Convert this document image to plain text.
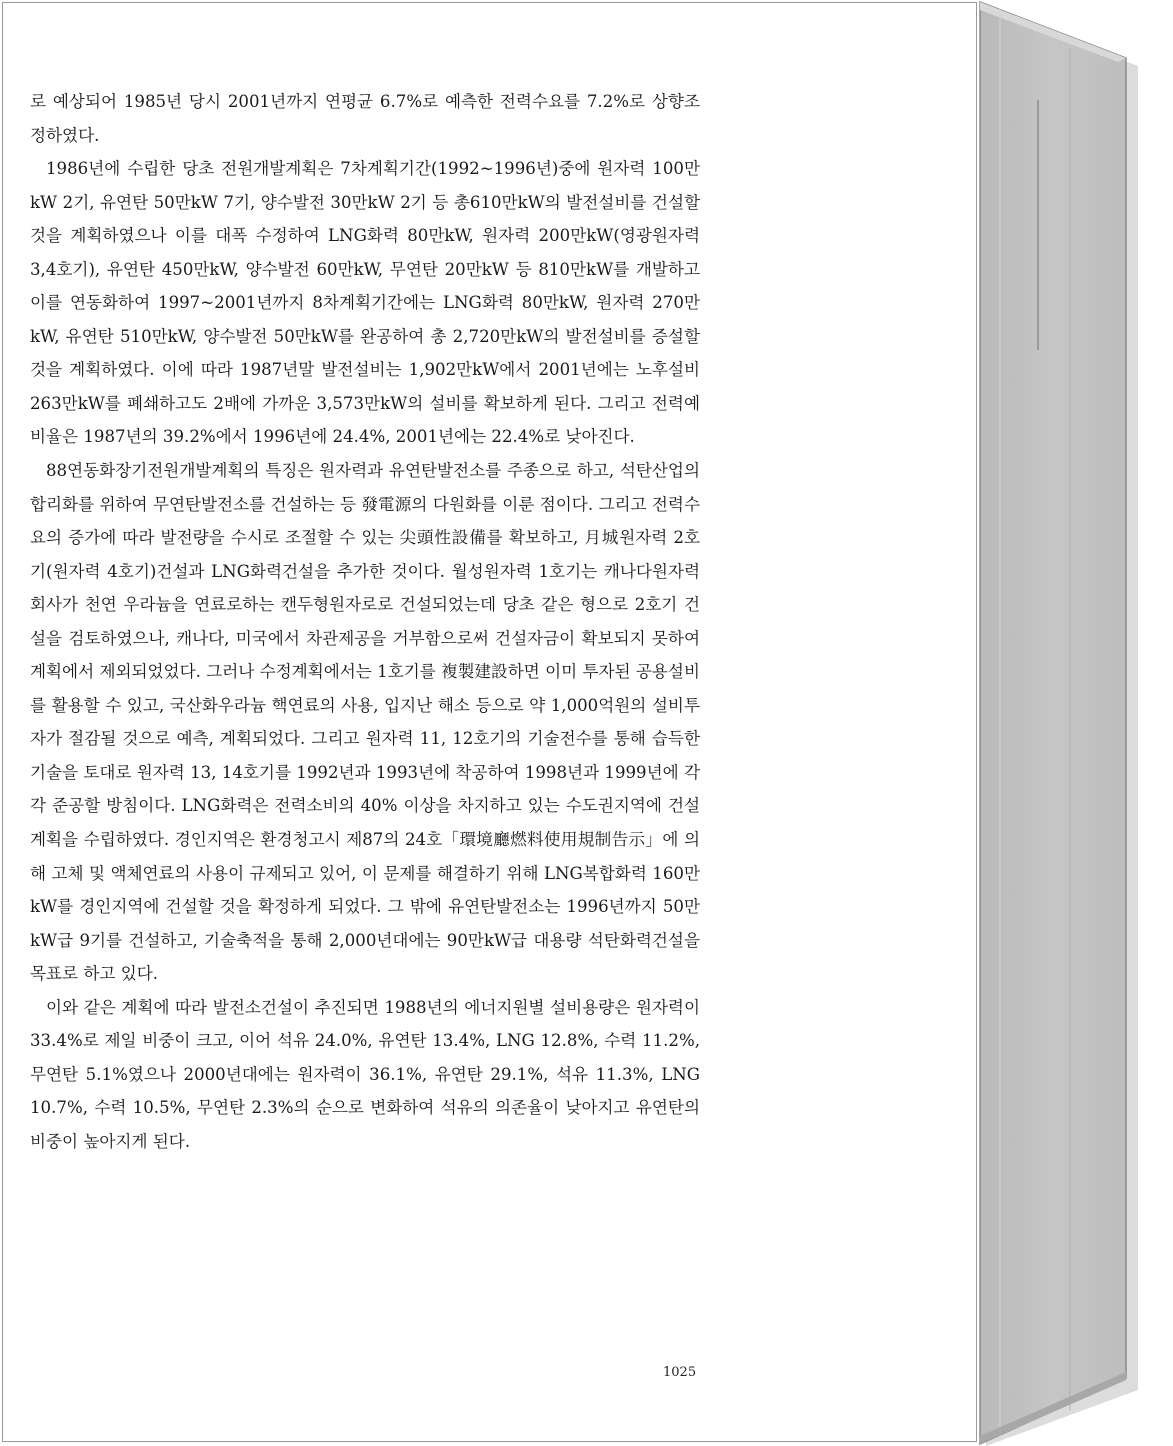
로 예상되어 1985년 당시 2001년까지 연평균 6.7%로 예측한 전력수요를 7.2%로 상향조정하였다.

1986년에 수립한 당초 전원개발계획은 7차계획기간(1992~1996년)중에 원자력 100만kW 2기, 유연탄 50만kW 7기, 양수발전 30만kW 2기 등 총610만kW의 발전설비를 건설할 것을 계획하였으나 이를 대폭 수정하여 LNG화력 80만kW, 원자력 200만kW(영광원자력 3,4호기), 유연탄 450만kW, 양수발전 60만kW, 무연탄 20만kW 등 810만kW를 개발하고 이를 연동화하여 1997~2001년까지 8차계획기간에는 LNG화력 80만kW, 원자력 270만kW, 유연탄 510만kW, 양수발전 50만kW를 완공하여 총 2,720만kW의 발전설비를 증설할 것을 계획하였다. 이에 따라 1987년말 발전설비는 1,902만kW에서 2001년에는 노후설비 263만kW를 폐쇄하고도 2배에 가까운 3,573만kW의 설비를 확보하게 된다. 그리고 전력예비율은 1987년의 39.2%에서 1996년에 24.4%, 2001년에는 22.4%로 낮아진다.

88연동화장기전원개발계획의 특징은 원자력과 유연탄발전소를 주종으로 하고, 석탄산업의 합리화를 위하여 무연탄발전소를 건설하는 등 發電源의 다원화를 이룬 점이다. 그리고 전력수요의 증가에 따라 발전량을 수시로 조절할 수 있는 尖頭性設備를 확보하고, 月城원자력 2호기(원자력 4호기)건설과 LNG화력건설을 추가한 것이다. 월성원자력 1호기는 캐나다원자력회사가 천연 우라늄을 연료로하는 캔두형원자로로 건설되었는데 당초 같은 형으로 2호기 건설을 검토하였으나, 캐나다, 미국에서 차관제공을 거부함으로써 건설자금이 확보되지 못하여 계획에서 제외되었었다. 그러나 수정계획에서는 1호기를 複製建設하면 이미 투자된 공용설비를 활용할 수 있고, 국산화우라늄 핵연료의 사용, 입지난 해소 등으로 약 1,000억원의 설비투자가 절감될 것으로 예측, 계획되었다. 그리고 원자력 11, 12호기의 기술전수를 통해 습득한 기술을 토대로 원자력 13, 14호기를 1992년과 1993년에 착공하여 1998년과 1999년에 각각 준공할 방침이다. LNG화력은 전력소비의 40% 이상을 차지하고 있는 수도권지역에 건설계획을 수립하였다. 경인지역은 환경청고시 제87의 24호「環境廳燃料使用規制告示」에 의해 고체 및 액체연료의 사용이 규제되고 있어, 이 문제를 해결하기 위해 LNG복합화력 160만kW를 경인지역에 건설할 것을 확정하게 되었다. 그 밖에 유연탄발전소는 1996년까지 50만kW급 9기를 건설하고, 기술축적을 통해 2,000년대에는 90만kW급 대용량 석탄화력건설을 목표로 하고 있다.

이와 같은 계획에 따라 발전소건설이 추진되면 1988년의 에너지원별 설비용량은 원자력이 33.4%로 제일 비중이 크고, 이어 석유 24.0%, 유연탄 13.4%, LNG 12.8%, 수력 11.2%, 무연탄 5.1%였으나 2000년대에는 원자력이 36.1%, 유연탄 29.1%, 석유 11.3%, LNG 10.7%, 수력 10.5%, 무연탄 2.3%의 순으로 변화하여 석유의 의존율이 낮아지고 유연탄의 비중이 높아지게 된다.

1025
